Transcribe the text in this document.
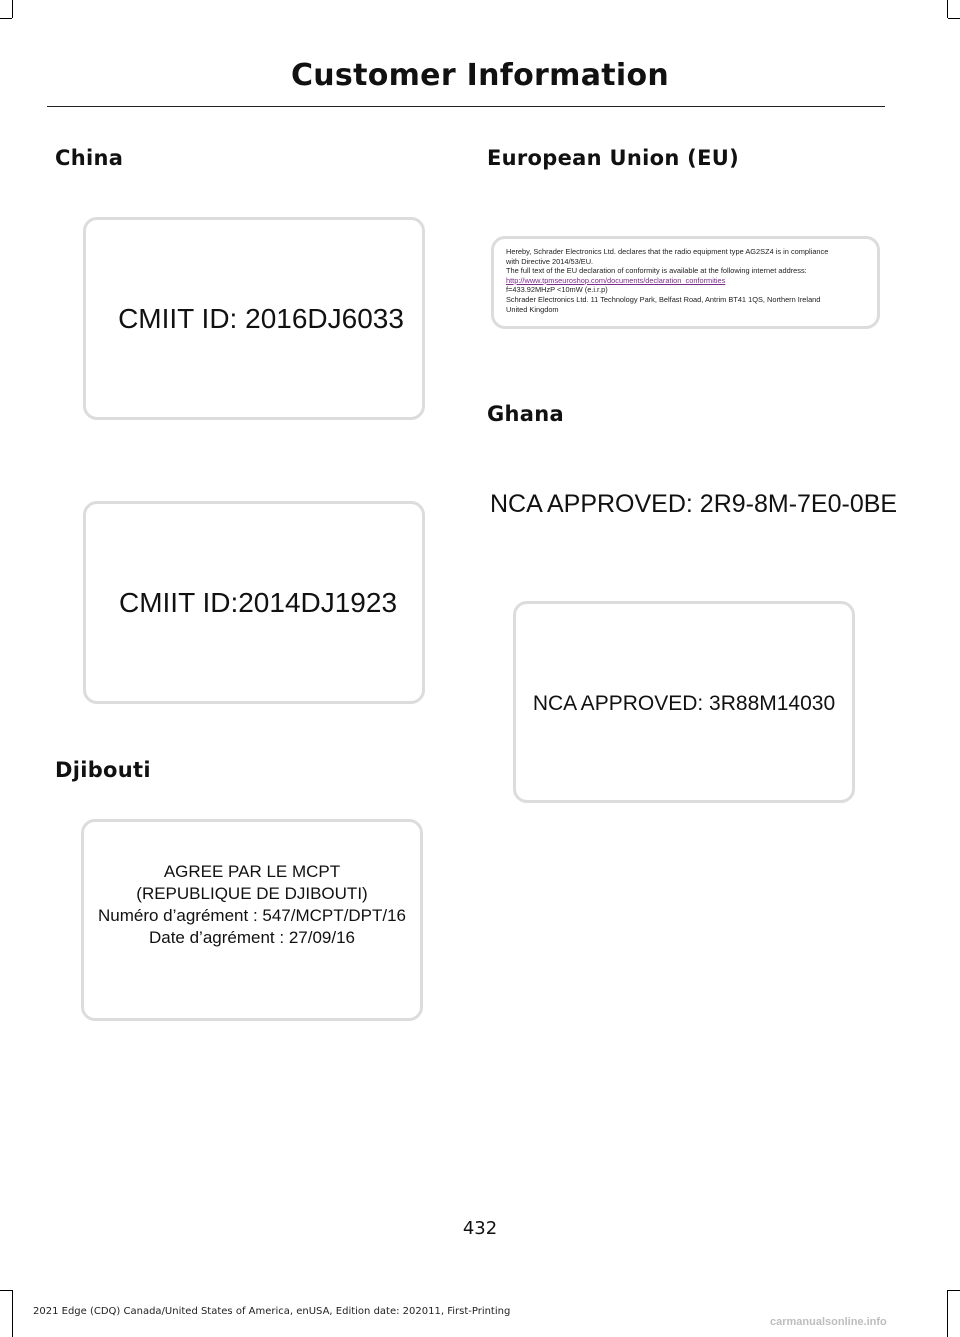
Customer Information
China
CMIIT ID: 2016DJ6033
CMIIT ID:2014DJ1923
Djibouti
AGREE PAR LE MCPT
(REPUBLIQUE DE DJIBOUTI)
Numéro d’agrément : 547/MCPT/DPT/16
Date d’agrément : 27/09/16
European Union (EU)
Hereby, Schrader Electronics Ltd. declares that the radio equipment type AG2SZ4 is in compliance
with Directive 2014/53/EU.
The full text of the EU declaration of conformity is available at the following internet address:
http://www.tpmseuroshop.com/documents/declaration_conformities
f=433.92MHzP <10mW (e.i.r.p)
Schrader Electronics Ltd. 11 Technology Park, Belfast Road, Antrim BT41 1QS, Northern Ireland
United Kingdom
Ghana
NCA APPROVED: 2R9-8M-7E0-0BE
NCA APPROVED: 3R88M14030
432
2021 Edge (CDQ) Canada/United States of America, enUSA, Edition date: 202011, First-Printing
carmanualsonline.info
